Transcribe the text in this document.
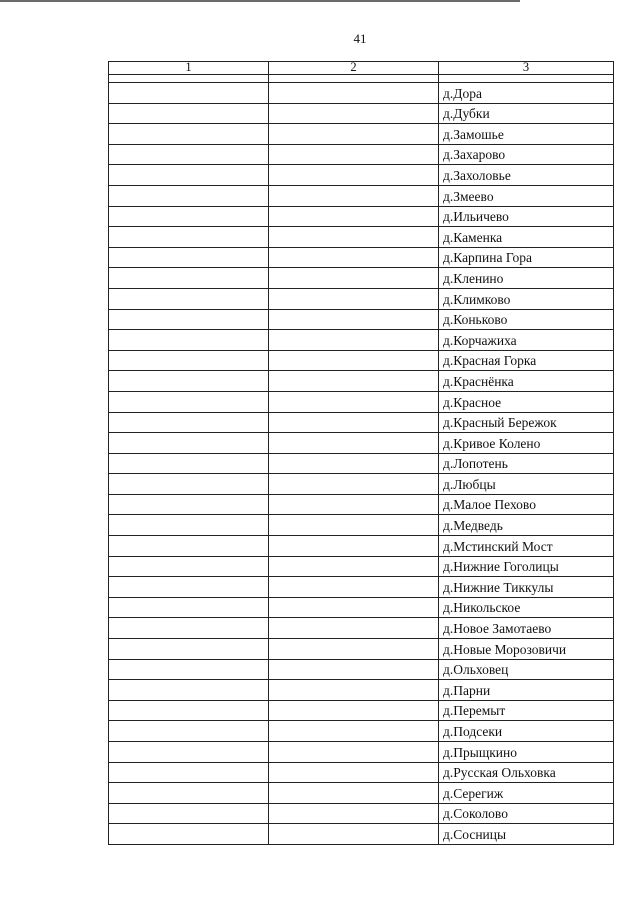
41
1	2	3

		д.Дора
		д.Дубки
		д.Замошье
		д.Захарово
		д.Захоловье
		д.Змеево
		д.Ильичево
		д.Каменка
		д.Карпина Гора
		д.Кленино
		д.Климково
		д.Коньково
		д.Корчажиха
		д.Красная Горка
		д.Краснёнка
		д.Красное
		д.Красный Бережок
		д.Кривое Колено
		д.Лопотень
		д.Любцы
		д.Малое Пехово
		д.Медведь
		д.Мстинский Мост
		д.Нижние Гоголицы
		д.Нижние Тиккулы
		д.Никольское
		д.Новое Замотаево
		д.Новые Морозовичи
		д.Ольховец
		д.Парни
		д.Перемыт
		д.Подсеки
		д.Прыщкино
		д.Русская Ольховка
		д.Серегиж
		д.Соколово
		д.Сосницы
